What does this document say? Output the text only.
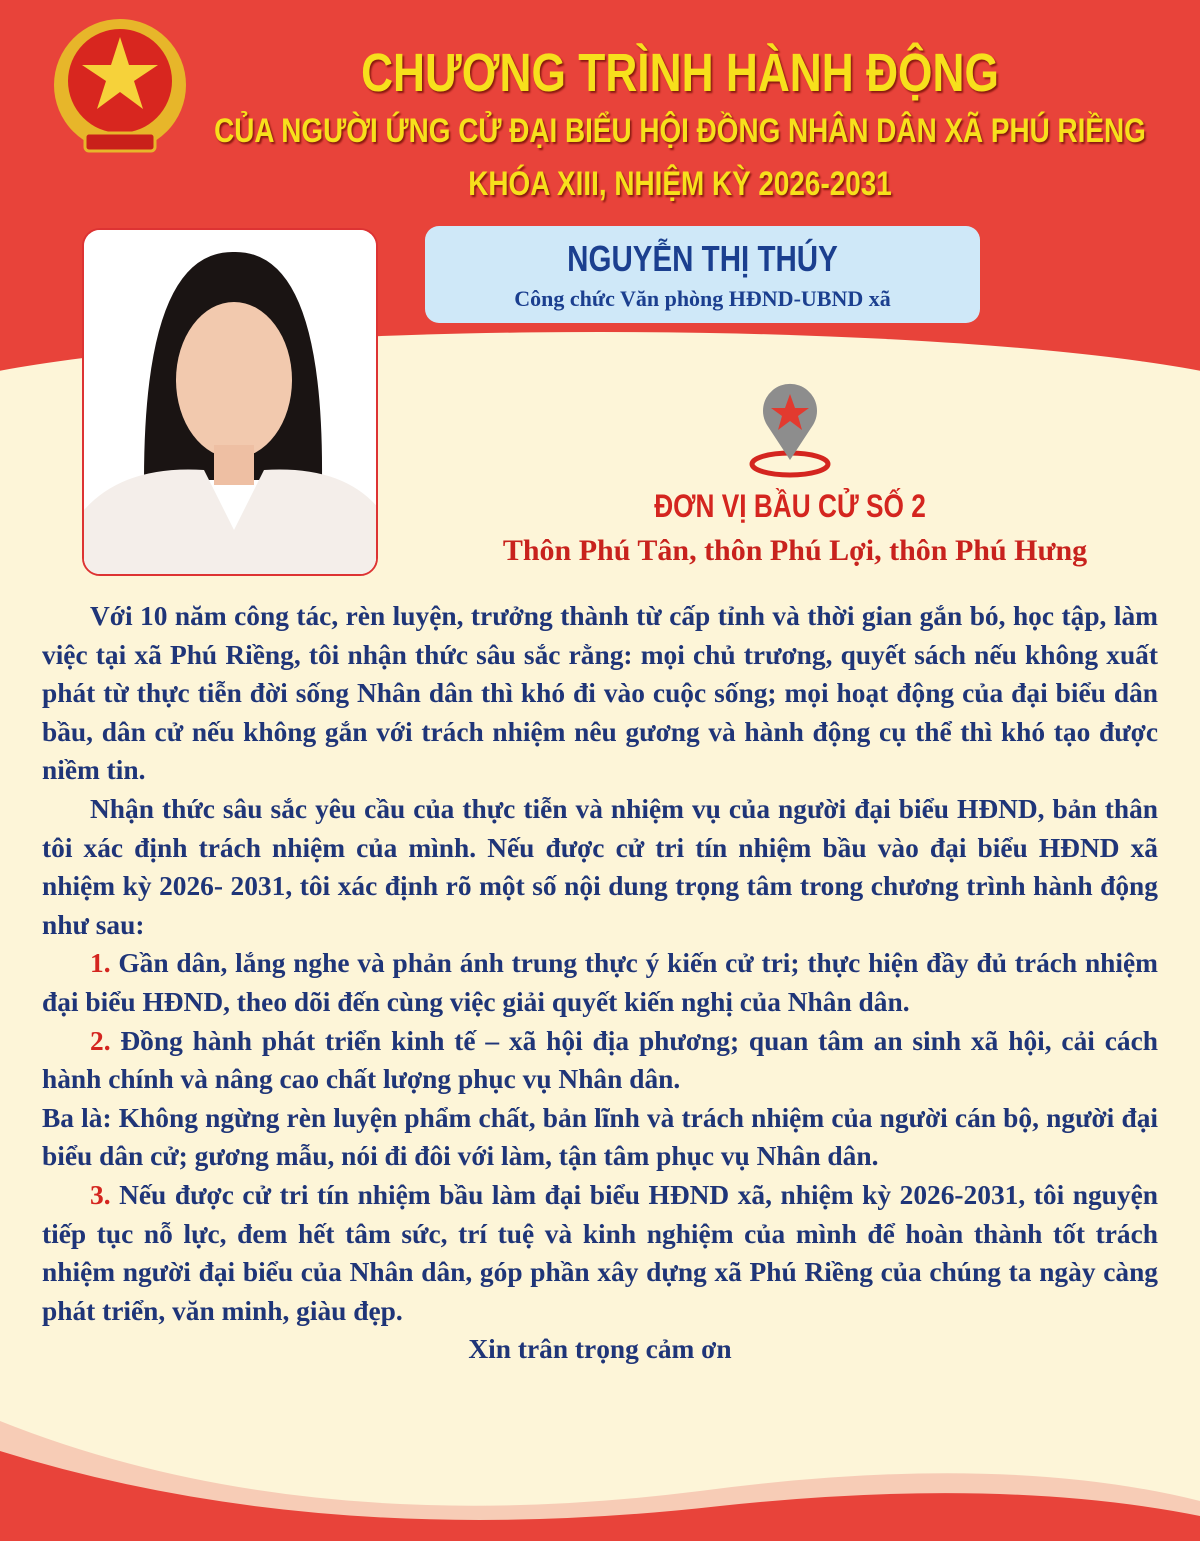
CHƯƠNG TRÌNH HÀNH ĐỘNG
CỦA NGƯỜI ỨNG CỬ ĐẠI BIỂU HỘI ĐỒNG NHÂN DÂN XÃ PHÚ RIỀNG
KHÓA XIII, NHIỆM KỲ 2026-2031
NGUYỄN THỊ THÚY
Công chức Văn phòng HĐND-UBND xã
ĐƠN VỊ BẦU CỬ SỐ 2
Thôn Phú Tân, thôn Phú Lợi, thôn Phú Hưng

Với 10 năm công tác, rèn luyện, trưởng thành từ cấp tỉnh và thời gian gắn bó, học tập, làm việc tại xã Phú Riềng, tôi nhận thức sâu sắc rằng: mọi chủ trương, quyết sách nếu không xuất phát từ thực tiễn đời sống Nhân dân thì khó đi vào cuộc sống; mọi hoạt động của đại biểu dân bầu, dân cử nếu không gắn với trách nhiệm nêu gương và hành động cụ thể thì khó tạo được niềm tin.

Nhận thức sâu sắc yêu cầu của thực tiễn và nhiệm vụ của người đại biểu HĐND, bản thân tôi xác định trách nhiệm của mình. Nếu được cử tri tín nhiệm bầu vào đại biểu HĐND xã nhiệm kỳ 2026- 2031, tôi xác định rõ một số nội dung trọng tâm trong chương trình hành động như sau:

1. Gần dân, lắng nghe và phản ánh trung thực ý kiến cử tri; thực hiện đầy đủ trách nhiệm đại biểu HĐND, theo dõi đến cùng việc giải quyết kiến nghị của Nhân dân.

2. Đồng hành phát triển kinh tế – xã hội địa phương; quan tâm an sinh xã hội, cải cách hành chính và nâng cao chất lượng phục vụ Nhân dân.

Ba là: Không ngừng rèn luyện phẩm chất, bản lĩnh và trách nhiệm của người cán bộ, người đại biểu dân cử; gương mẫu, nói đi đôi với làm, tận tâm phục vụ Nhân dân.

3. Nếu được cử tri tín nhiệm bầu làm đại biểu HĐND xã, nhiệm kỳ 2026-2031, tôi nguyện tiếp tục nỗ lực, đem hết tâm sức, trí tuệ và kinh nghiệm của mình để hoàn thành tốt trách nhiệm người đại biểu của Nhân dân, góp phần xây dựng xã Phú Riềng của chúng ta ngày càng phát triển, văn minh, giàu đẹp.

Xin trân trọng cảm ơn
